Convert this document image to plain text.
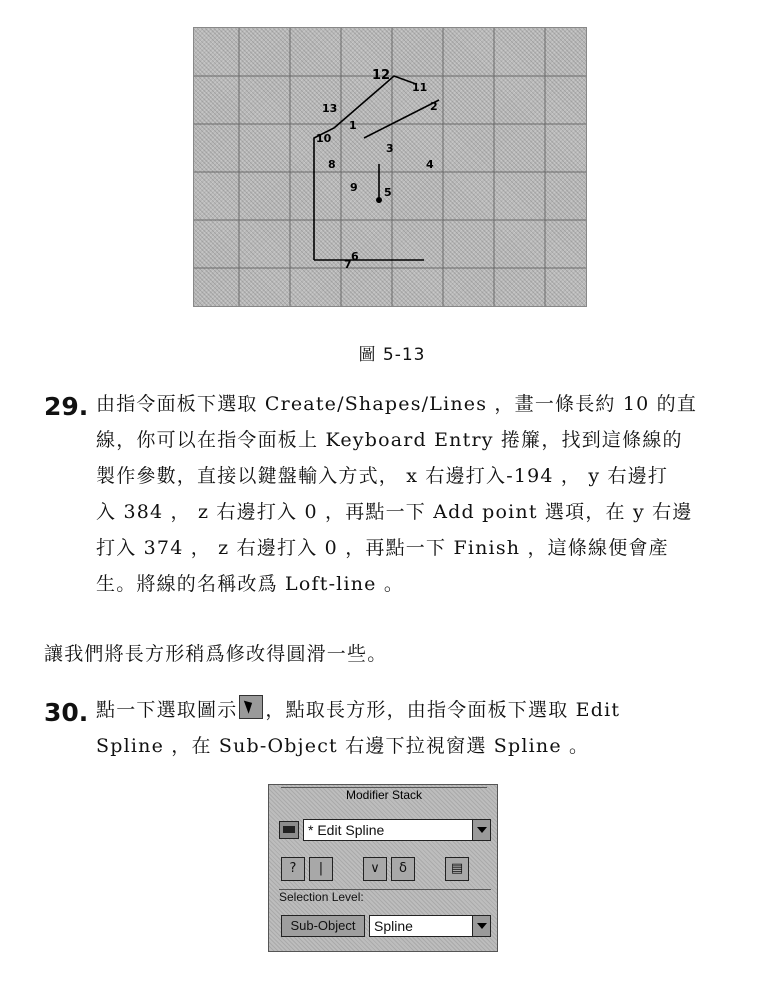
12
11
13	2
1
10
3
4
5
8
9
6
7
圖 5-13
29. 由指令面板下選取 Create/Shapes/Lines ，畫一條長約 10 的直

線，你可以在指令面板上 Keyboard Entry 捲簾，找到這條線的

製作參數，直接以鍵盤輸入方式， x 右邊打入-194 ， y 右邊打

入 384 ， z 右邊打入 0 ，再點一下 Add point 選項，在 y 右邊

打入 374 ， z 右邊打入 0 ，再點一下 Finish ，這條線便會產

生。將線的名稱改爲 Loft-line 。

讓我們將長方形稍爲修改得圓滑一些。
30. 點一下選取圖示 ，點取長方形，由指令面板下選取 Edit

Spline ，在 Sub-Object 右邊下拉視窗選 Spline 。

Modifier Stack
* Edit Spline
?	|	∨	δ	▤
Selection Level:
Sub-Object	Spline
